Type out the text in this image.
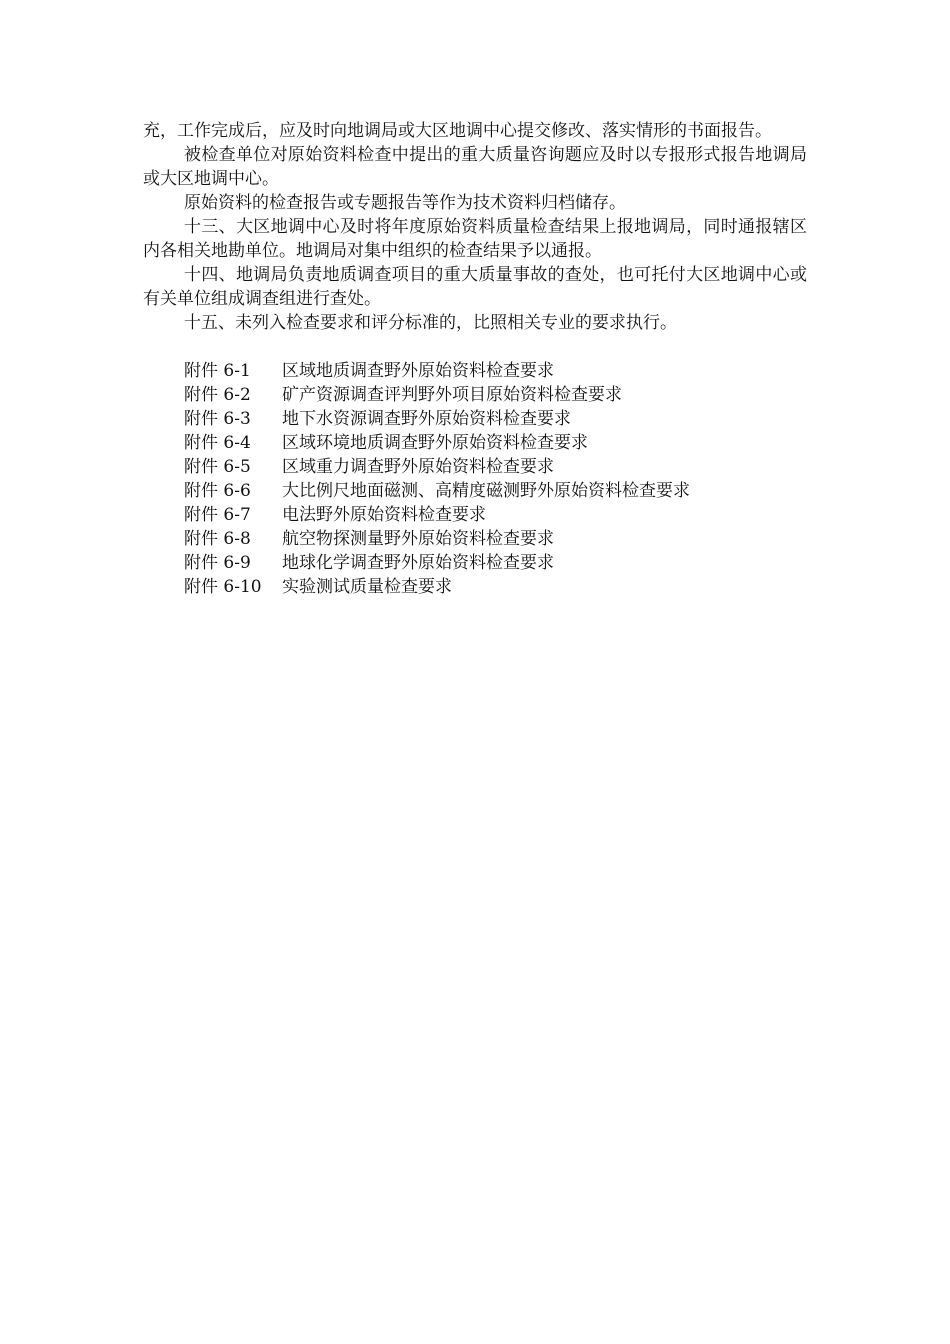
充，工作完成后，应及时向地调局或大区地调中心提交修改、落实情形的书面报告。

被检查单位对原始资料检查中提出的重大质量咨询题应及时以专报形式报告地调局或大区地调中心。

原始资料的检查报告或专题报告等作为技术资料归档储存。

十三、大区地调中心及时将年度原始资料质量检查结果上报地调局，同时通报辖区内各相关地勘单位。地调局对集中组织的检查结果予以通报。

十四、地调局负责地质调查项目的重大质量事故的查处，也可托付大区地调中心或有关单位组成调查组进行查处。

十五、未列入检查要求和评分标准的，比照相关专业的要求执行。

附件 6-1	区域地质调查野外原始资料检查要求
附件 6-2	矿产资源调查评判野外项目原始资料检查要求
附件 6-3	地下水资源调查野外原始资料检查要求
附件 6-4	区域环境地质调查野外原始资料检查要求
附件 6-5	区域重力调查野外原始资料检查要求
附件 6-6	大比例尺地面磁测、高精度磁测野外原始资料检查要求
附件 6-7	电法野外原始资料检查要求
附件 6-8	航空物探测量野外原始资料检查要求
附件 6-9	地球化学调查野外原始资料检查要求
附件 6-10	实验测试质量检查要求
